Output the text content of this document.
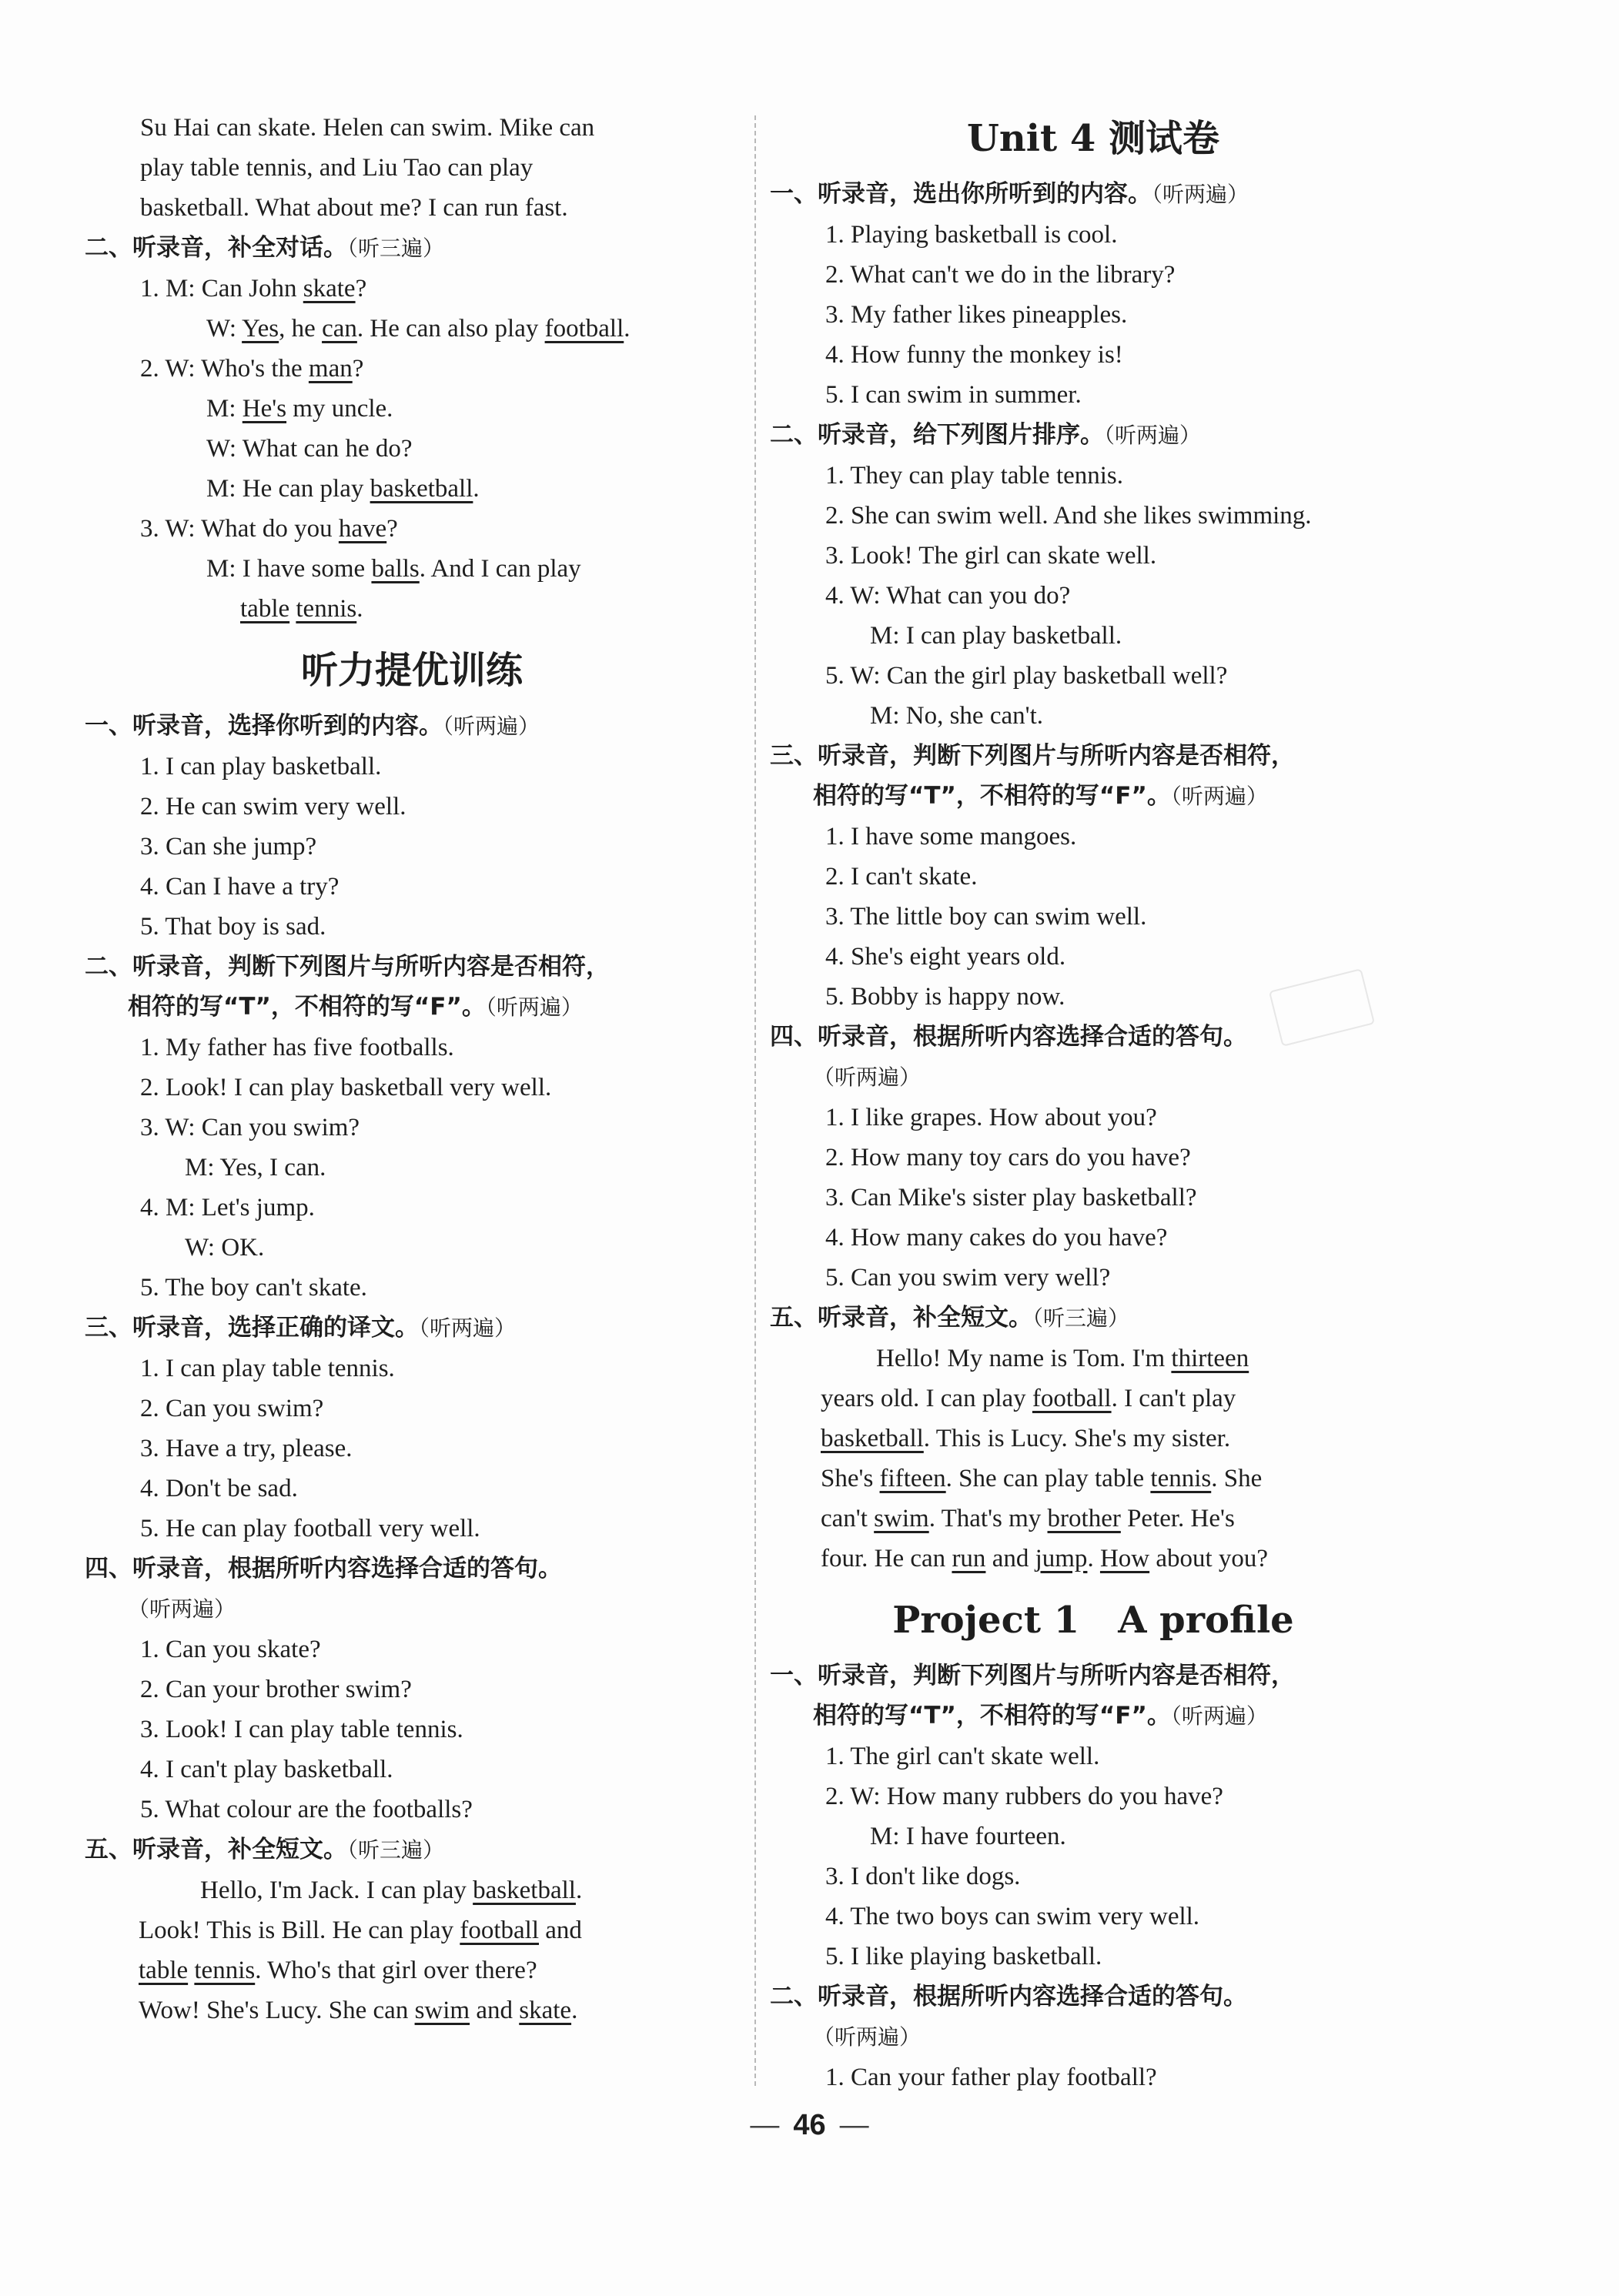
Su Hai can skate. Helen can swim. Mike can
play table tennis, and Liu Tao can play
basketball. What about me? I can run fast.
二、听录音，补全对话。（听三遍）
1. M: Can John skate?
W: Yes, he can. He can also play football.
2. W: Who's the man?
M: He's my uncle.
W: What can he do?
M: He can play basketball.
3. W: What do you have?
M: I have some balls. And I can play
table tennis.
听力提优训练
一、听录音，选择你听到的内容。（听两遍）
1. I can play basketball.
2. He can swim very well.
3. Can she jump?
4. Can I have a try?
5. That boy is sad.
二、听录音，判断下列图片与所听内容是否相符，
相符的写“T”，不相符的写“F”。（听两遍）
1. My father has five footballs.
2. Look! I can play basketball very well.
3. W: Can you swim?
M: Yes, I can.
4. M: Let's jump.
W: OK.
5. The boy can't skate.
三、听录音，选择正确的译文。（听两遍）
1. I can play table tennis.
2. Can you swim?
3. Have a try, please.
4. Don't be sad.
5. He can play football very well.
四、听录音，根据所听内容选择合适的答句。
（听两遍）
1. Can you skate?
2. Can your brother swim?
3. Look! I can play table tennis.
4. I can't play basketball.
5. What colour are the footballs?
五、听录音，补全短文。（听三遍）
Hello, I'm Jack. I can play basketball.
Look! This is Bill. He can play football and
table tennis. Who's that girl over there?
Wow! She's Lucy. She can swim and skate.
Unit 4 测试卷
一、听录音，选出你所听到的内容。（听两遍）
1. Playing basketball is cool.
2. What can't we do in the library?
3. My father likes pineapples.
4. How funny the monkey is!
5. I can swim in summer.
二、听录音，给下列图片排序。（听两遍）
1. They can play table tennis.
2. She can swim well. And she likes swimming.
3. Look! The girl can skate well.
4. W: What can you do?
M: I can play basketball.
5. W: Can the girl play basketball well?
M: No, she can't.
三、听录音，判断下列图片与所听内容是否相符，
相符的写“T”，不相符的写“F”。（听两遍）
1. I have some mangoes.
2. I can't skate.
3. The little boy can swim well.
4. She's eight years old.
5. Bobby is happy now.
四、听录音，根据所听内容选择合适的答句。
（听两遍）
1. I like grapes. How about you?
2. How many toy cars do you have?
3. Can Mike's sister play basketball?
4. How many cakes do you have?
5. Can you swim very well?
五、听录音，补全短文。（听三遍）
Hello! My name is Tom. I'm thirteen
years old. I can play football. I can't play
basketball. This is Lucy. She's my sister.
She's fifteen. She can play table tennis. She
can't swim. That's my brother Peter. He's
four. He can run and jump. How about you?
Project 1   A profile
一、听录音，判断下列图片与所听内容是否相符，
相符的写“T”，不相符的写“F”。（听两遍）
1. The girl can't skate well.
2. W: How many rubbers do you have?
M: I have fourteen.
3. I don't like dogs.
4. The two boys can swim very well.
5. I like playing basketball.
二、听录音，根据所听内容选择合适的答句。
（听两遍）
1. Can your father play football?
— 46 —
